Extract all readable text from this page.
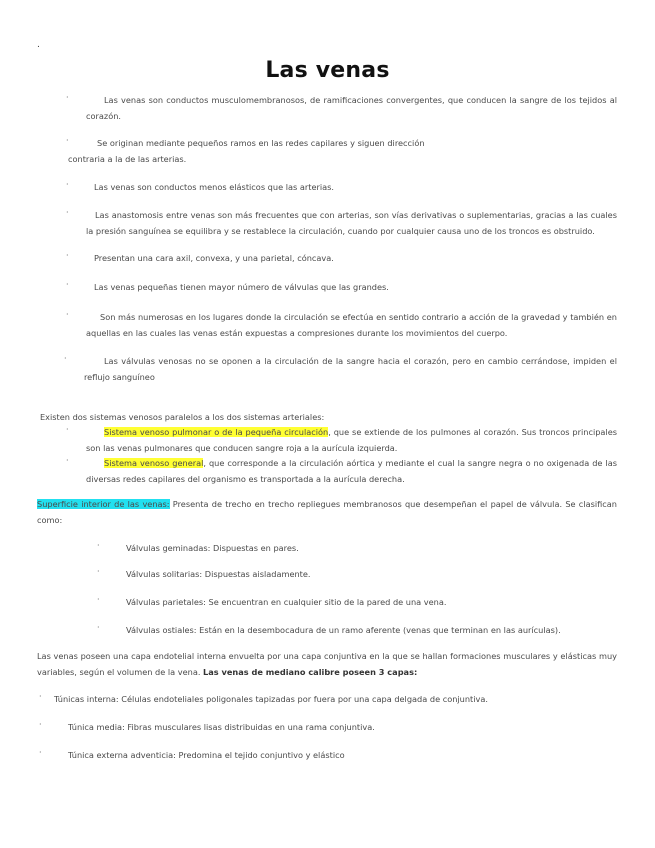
.
Las venas
·	Las venas son conductos musculomembranosos, de ramificaciones convergentes, que conducen la sangre de los tejidos al corazón.
·	Se originan mediante pequeños ramos en las redes capilares y siguen dirección
contraria a la de las arterias.
·	Las venas son conductos menos elásticos que las arterias.
·	Las anastomosis entre venas son más frecuentes que con arterias, son vías derivativas o suplementarias, gracias a las cuales la presión sanguínea se equilibra y se restablece la circulación, cuando por cualquier causa uno de los troncos es obstruido.
·	Presentan una cara axil, convexa, y una parietal, cóncava.
·	Las venas pequeñas tienen mayor número de válvulas que las grandes.
·	Son más numerosas en los lugares donde la circulación se efectúa en sentido contrario a acción de la gravedad y también en aquellas en las cuales las venas están expuestas a compresiones durante los movimientos del cuerpo.
·	Las válvulas venosas no se oponen a la circulación de la sangre hacia el corazón, pero en cambio cerrándose, impiden el reflujo sanguíneo
Existen dos sistemas venosos paralelos a los dos sistemas arteriales:
·	Sistema venoso pulmonar o de la pequeña circulación, que se extiende de los pulmones al corazón. Sus troncos principales son las venas pulmonares que conducen sangre roja a la aurícula izquierda.
·	Sistema venoso general, que corresponde a la circulación aórtica y mediante el cual la sangre negra o no oxigenada de las diversas redes capilares del organismo es transportada a la aurícula derecha.
Superficie interior de las venas: Presenta de trecho en trecho repliegues membranosos que desempeñan el papel de válvula. Se clasifican como:
·	Válvulas geminadas: Dispuestas en pares.
·	Válvulas solitarias: Dispuestas aisladamente.
·	Válvulas parietales: Se encuentran en cualquier sitio de la pared de una vena.
·	Válvulas ostiales: Están en la desembocadura de un ramo aferente (venas que terminan en las aurículas).
Las venas poseen una capa endotelial interna envuelta por una capa conjuntiva en la que se hallan formaciones musculares y elásticas muy variables, según el volumen de la vena. Las venas de mediano calibre poseen 3 capas:
· Túnicas interna: Células endoteliales poligonales tapizadas por fuera por una capa delgada de conjuntiva.
·	Túnica media: Fibras musculares lisas distribuidas en una rama conjuntiva.
·	Túnica externa adventicia: Predomina el tejido conjuntivo y elástico
